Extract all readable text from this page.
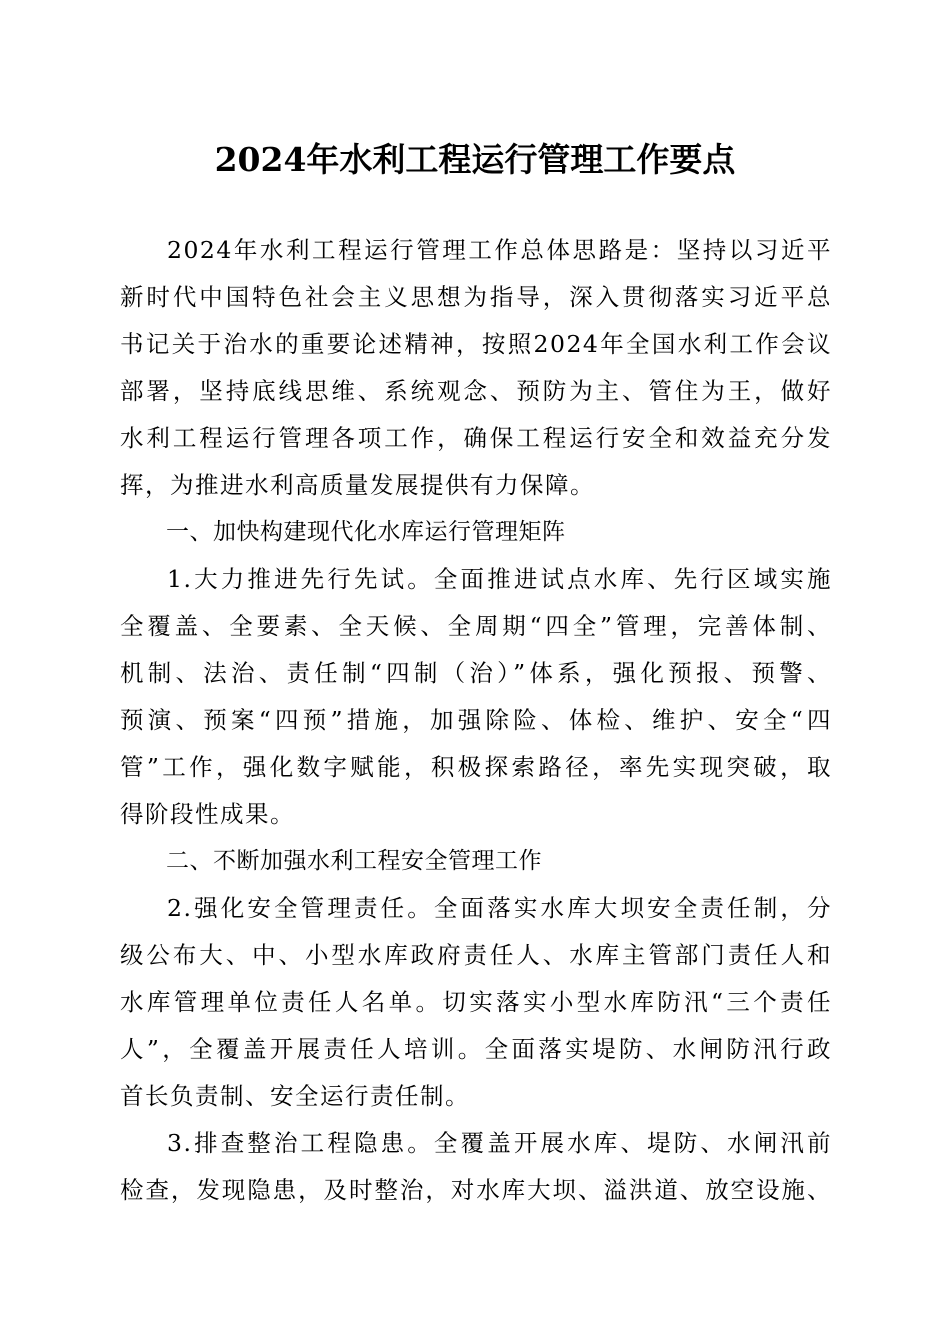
2024年水利工程运行管理工作要点

2024年水利工程运行管理工作总体思路是：坚持以习近平
新时代中国特色社会主义思想为指导，深入贯彻落实习近平总
书记关于治水的重要论述精神，按照2024年全国水利工作会议
部署，坚持底线思维、系统观念、预防为主、管住为王，做好
水利工程运行管理各项工作，确保工程运行安全和效益充分发
挥，为推进水利高质量发展提供有力保障。

一、加快构建现代化水库运行管理矩阵

1.大力推进先行先试。全面推进试点水库、先行区域实施
全覆盖、全要素、全天候、全周期“四全”管理，完善体制、
机制、法治、责任制“四制（治）”体系，强化预报、预警、
预演、预案“四预”措施，加强除险、体检、维护、安全“四
管”工作，强化数字赋能，积极探索路径，率先实现突破，取
得阶段性成果。

二、不断加强水利工程安全管理工作

2.强化安全管理责任。全面落实水库大坝安全责任制，分
级公布大、中、小型水库政府责任人、水库主管部门责任人和
水库管理单位责任人名单。切实落实小型水库防汛“三个责任
人”，全覆盖开展责任人培训。全面落实堤防、水闸防汛行政
首长负责制、安全运行责任制。

3.排查整治工程隐患。全覆盖开展水库、堤防、水闸汛前
检查，发现隐患，及时整治，对水库大坝、溢洪道、放空设施、
